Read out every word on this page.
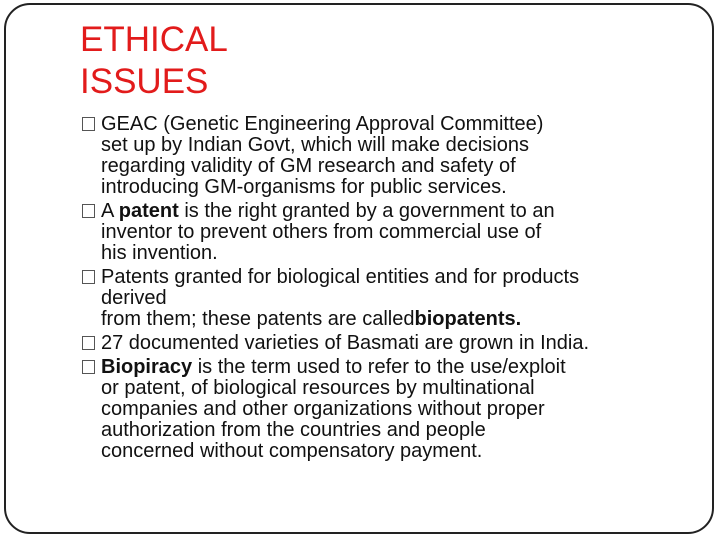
ETHICAL
ISSUES
GEAC (Genetic Engineering Approval Committee)
set up by Indian Govt, which will make decisions
regarding validity of GM research and safety of
introducing GM-organisms for public services.
A patent is the right granted by a government to an
inventor to prevent others from commercial use of
his invention.
Patents granted for biological entities and for products
derived
from them; these patents are calledbiopatents.
27 documented varieties of Basmati are grown in India.
Biopiracy is the term used to refer to the use/exploit
or patent, of biological resources by multinational
companies and other organizations without proper
authorization from the countries and people
concerned without compensatory payment.
